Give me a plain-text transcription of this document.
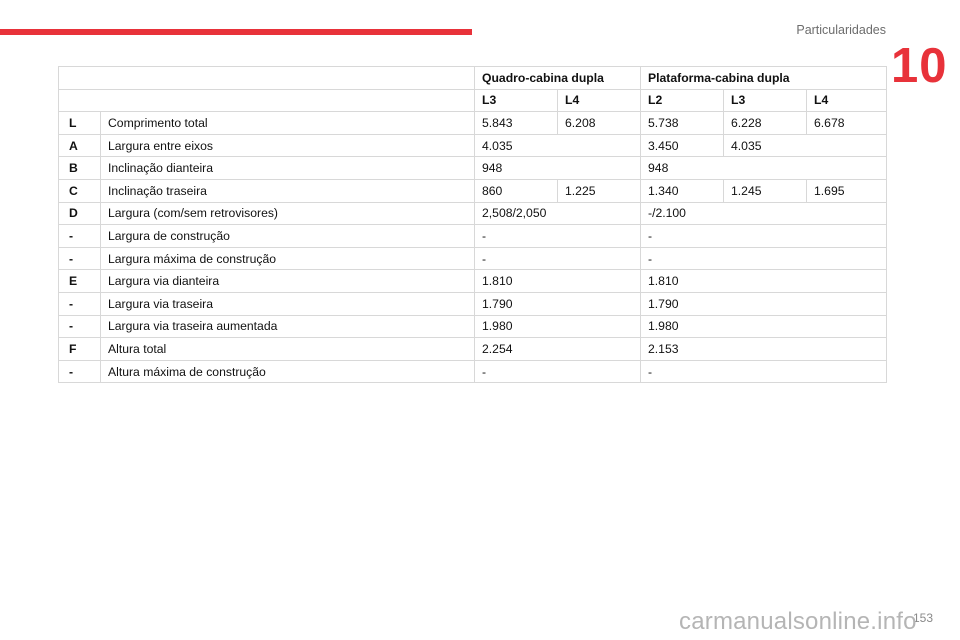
Particularidades
10
		Quadro-cabina dupla		Plataforma-cabina dupla		
		L3	L4	L2	L3	L4
L	Comprimento total	5.843	6.208	5.738	6.228	6.678
A	Largura entre eixos	4.035		3.450	4.035	
B	Inclinação dianteira	948		948		
C	Inclinação traseira	860	1.225	1.340	1.245	1.695
D	Largura (com/sem retrovisores)	2,508/2,050		-/2.100		
-	Largura de construção	-		-		
-	Largura máxima de construção	-		-		
E	Largura via dianteira	1.810		1.810		
-	Largura via traseira	1.790		1.790		
-	Largura via traseira aumentada	1.980		1.980		
F	Altura total	2.254		2.153		
-	Altura máxima de construção	-		-		
153
carmanualsonline.info
